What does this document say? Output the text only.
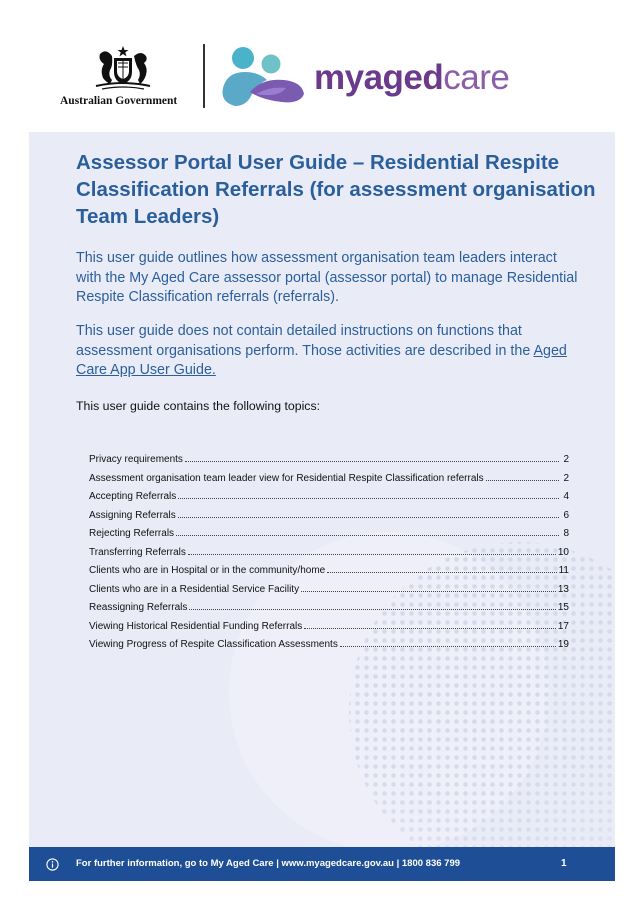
Australian Government
myagedcare
Assessor Portal User Guide – Residential Respite Classification Referrals (for assessment organisation Team Leaders)
This user guide outlines how assessment organisation team leaders interact with the My Aged Care assessor portal (assessor portal) to manage Residential Respite Classification referrals (referrals).
This user guide does not contain detailed instructions on functions that assessment organisations perform. Those activities are described in the Aged Care App User Guide.
This user guide contains the following topics:
Privacy requirements	2
Assessment organisation team leader view for Residential Respite Classification referrals	2
Accepting Referrals	4
Assigning Referrals	6
Rejecting Referrals	8
Transferring Referrals	10
Clients who are in Hospital or in the community/home	11
Clients who are in a Residential Service Facility	13
Reassigning Referrals	15
Viewing Historical Residential Funding Referrals	17
Viewing Progress of Respite Classification Assessments	19
For further information, go to My Aged Care | www.myagedcare.gov.au | 1800 836 799	1
